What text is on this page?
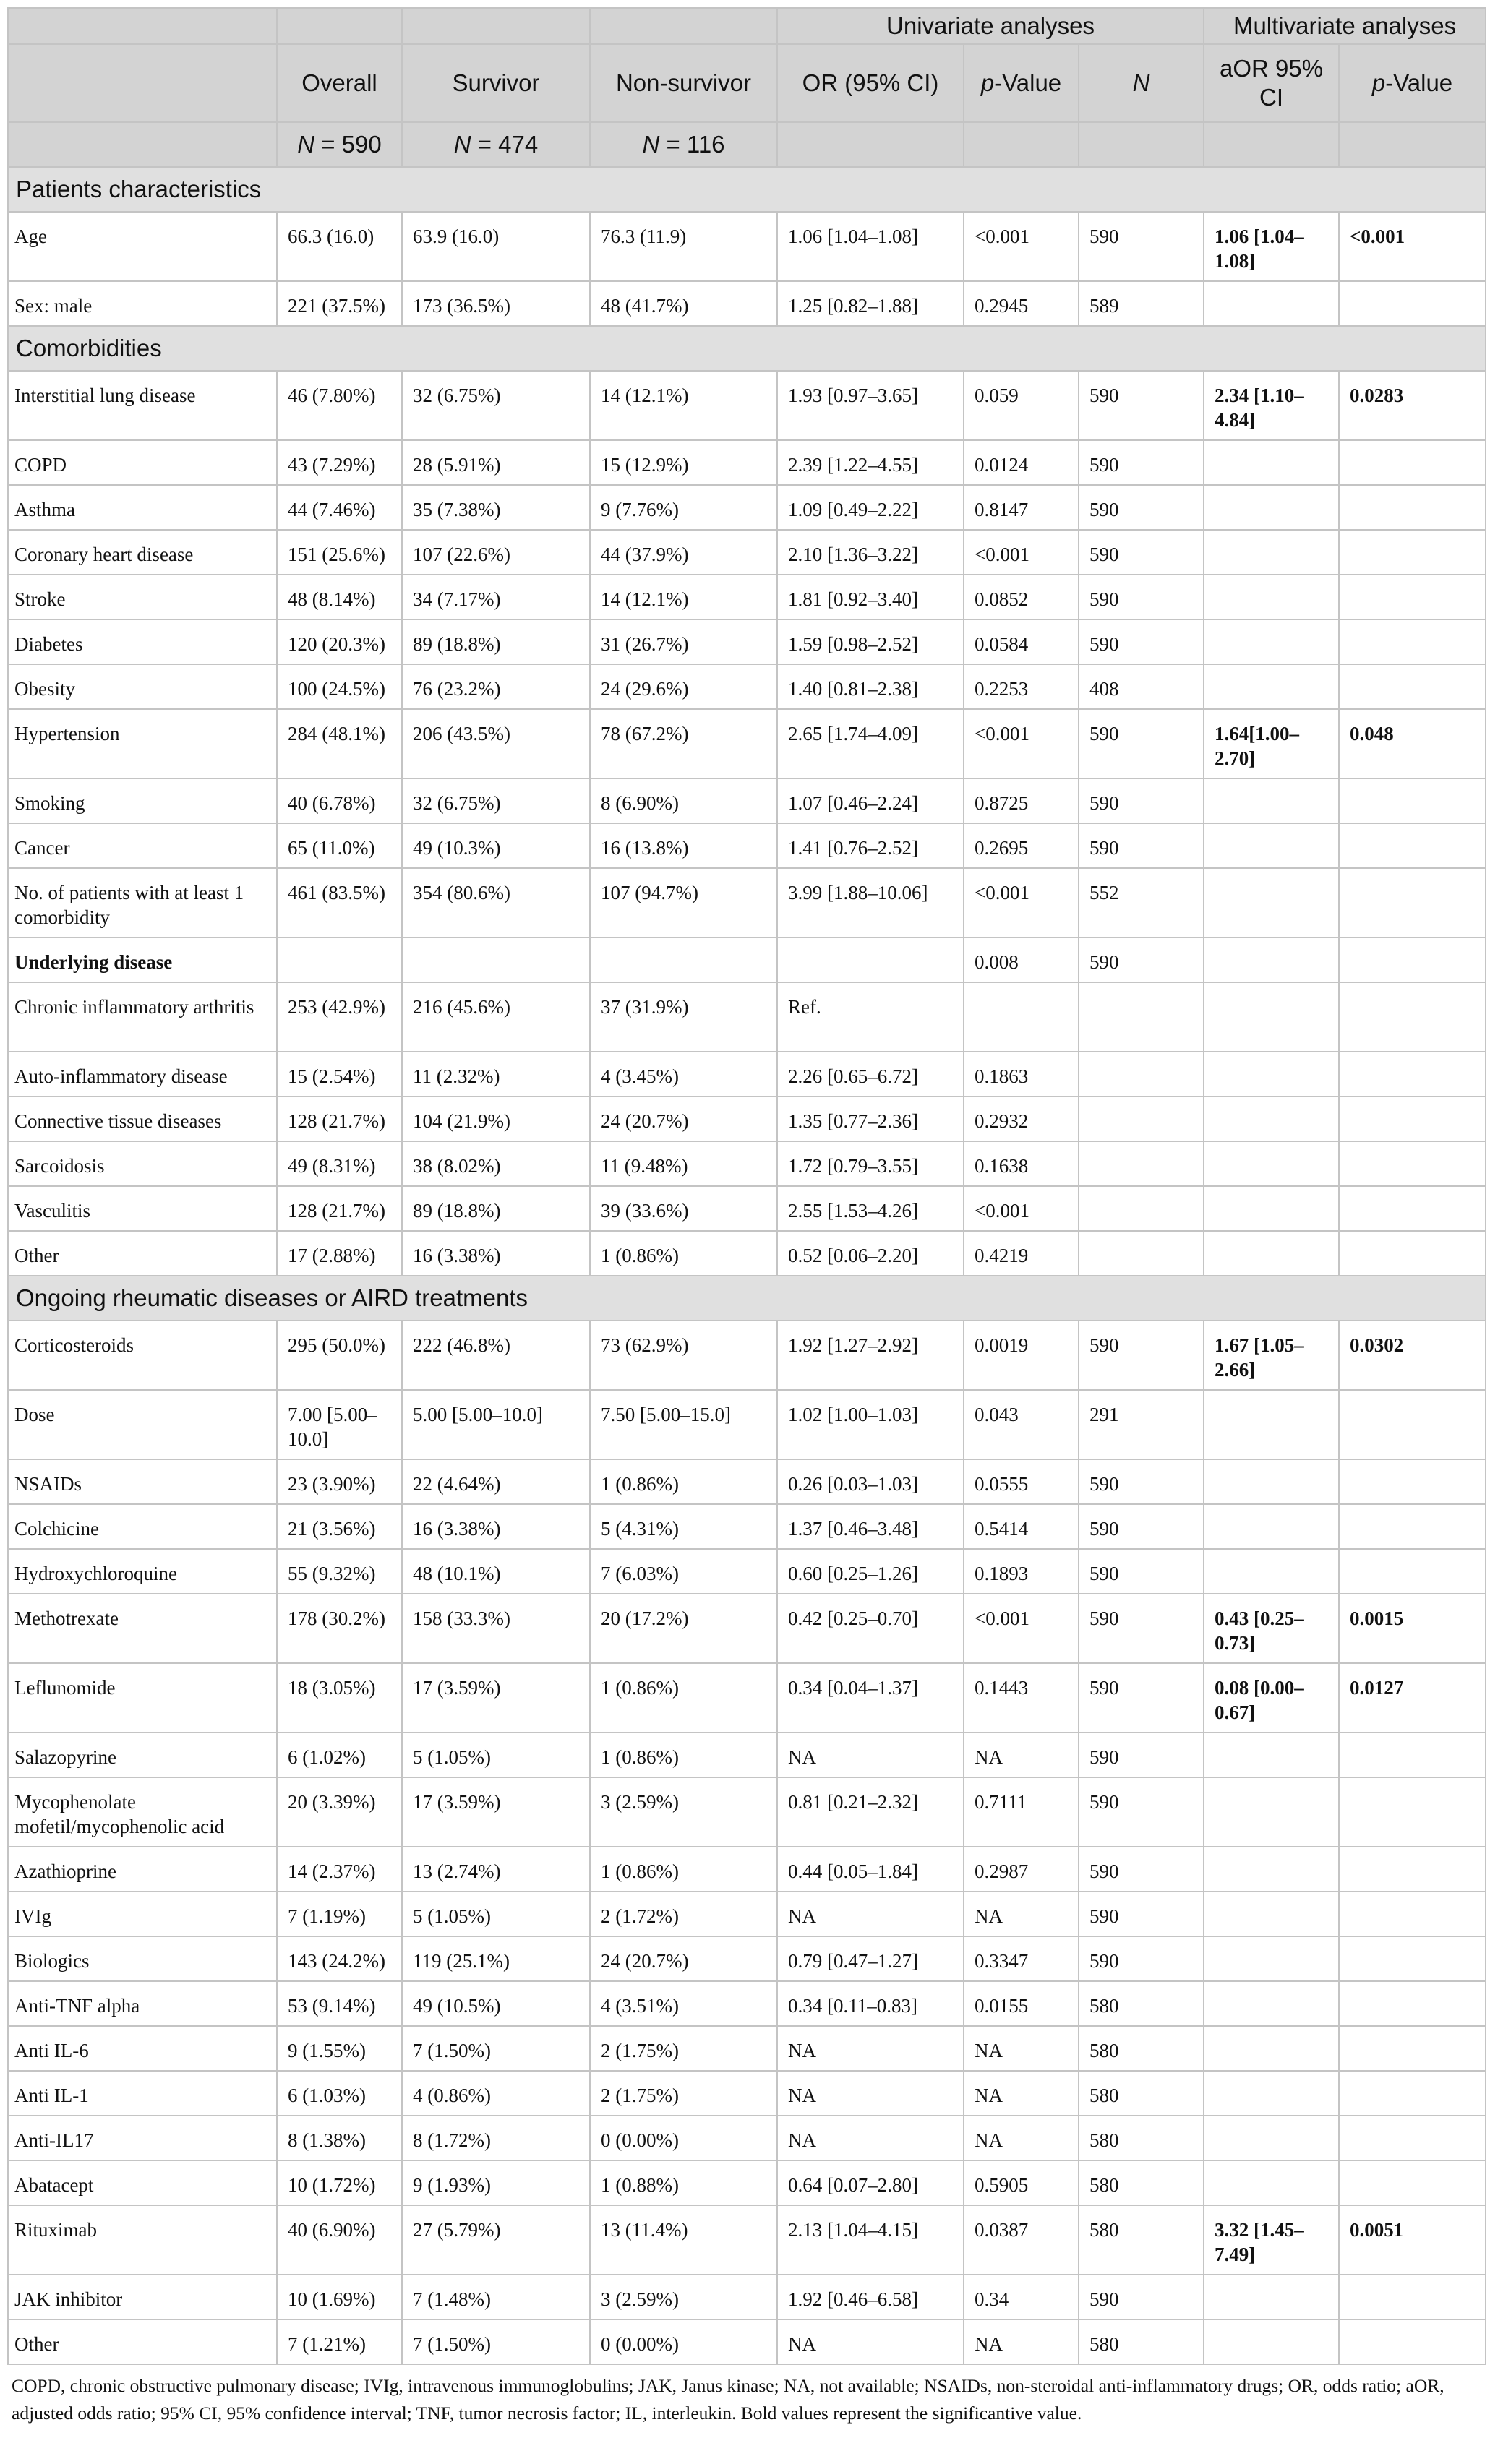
				Univariate analyses			Multivariate analyses	
	Overall	Survivor	Non-survivor	OR (95% CI)	p-Value	N	aOR 95% CI	p-Value
	N = 590	N = 474	N = 116					
Patients characteristics								
Age	66.3 (16.0)	63.9 (16.0)	76.3 (11.9)	1.06 [1.04–1.08]	<0.001	590	1.06 [1.04–1.08]	<0.001
Sex: male	221 (37.5%)	173 (36.5%)	48 (41.7%)	1.25 [0.82–1.88]	0.2945	589		
Comorbidities								
Interstitial lung disease	46 (7.80%)	32 (6.75%)	14 (12.1%)	1.93 [0.97–3.65]	0.059	590	2.34 [1.10–4.84]	0.0283
COPD	43 (7.29%)	28 (5.91%)	15 (12.9%)	2.39 [1.22–4.55]	0.0124	590		
Asthma	44 (7.46%)	35 (7.38%)	9 (7.76%)	1.09 [0.49–2.22]	0.8147	590		
Coronary heart disease	151 (25.6%)	107 (22.6%)	44 (37.9%)	2.10 [1.36–3.22]	<0.001	590		
Stroke	48 (8.14%)	34 (7.17%)	14 (12.1%)	1.81 [0.92–3.40]	0.0852	590		
Diabetes	120 (20.3%)	89 (18.8%)	31 (26.7%)	1.59 [0.98–2.52]	0.0584	590		
Obesity	100 (24.5%)	76 (23.2%)	24 (29.6%)	1.40 [0.81–2.38]	0.2253	408		
Hypertension	284 (48.1%)	206 (43.5%)	78 (67.2%)	2.65 [1.74–4.09]	<0.001	590	1.64[1.00–2.70]	0.048
Smoking	40 (6.78%)	32 (6.75%)	8 (6.90%)	1.07 [0.46–2.24]	0.8725	590		
Cancer	65 (11.0%)	49 (10.3%)	16 (13.8%)	1.41 [0.76–2.52]	0.2695	590		
No. of patients with at least 1 comorbidity	461 (83.5%)	354 (80.6%)	107 (94.7%)	3.99 [1.88–10.06]	<0.001	552		
Underlying disease					0.008	590		
Chronic inflammatory arthritis	253 (42.9%)	216 (45.6%)	37 (31.9%)	Ref.				
Auto-inflammatory disease	15 (2.54%)	11 (2.32%)	4 (3.45%)	2.26 [0.65–6.72]	0.1863			
Connective tissue diseases	128 (21.7%)	104 (21.9%)	24 (20.7%)	1.35 [0.77–2.36]	0.2932			
Sarcoidosis	49 (8.31%)	38 (8.02%)	11 (9.48%)	1.72 [0.79–3.55]	0.1638			
Vasculitis	128 (21.7%)	89 (18.8%)	39 (33.6%)	2.55 [1.53–4.26]	<0.001			
Other	17 (2.88%)	16 (3.38%)	1 (0.86%)	0.52 [0.06–2.20]	0.4219			
Ongoing rheumatic diseases or AIRD treatments								
Corticosteroids	295 (50.0%)	222 (46.8%)	73 (62.9%)	1.92 [1.27–2.92]	0.0019	590	1.67 [1.05–2.66]	0.0302
Dose	7.00 [5.00–10.0]	5.00 [5.00–10.0]	7.50 [5.00–15.0]	1.02 [1.00–1.03]	0.043	291		
NSAIDs	23 (3.90%)	22 (4.64%)	1 (0.86%)	0.26 [0.03–1.03]	0.0555	590		
Colchicine	21 (3.56%)	16 (3.38%)	5 (4.31%)	1.37 [0.46–3.48]	0.5414	590		
Hydroxychloroquine	55 (9.32%)	48 (10.1%)	7 (6.03%)	0.60 [0.25–1.26]	0.1893	590		
Methotrexate	178 (30.2%)	158 (33.3%)	20 (17.2%)	0.42 [0.25–0.70]	<0.001	590	0.43 [0.25–0.73]	0.0015
Leflunomide	18 (3.05%)	17 (3.59%)	1 (0.86%)	0.34 [0.04–1.37]	0.1443	590	0.08 [0.00–0.67]	0.0127
Salazopyrine	6 (1.02%)	5 (1.05%)	1 (0.86%)	NA	NA	590		
Mycophenolate mofetil/mycophenolic acid	20 (3.39%)	17 (3.59%)	3 (2.59%)	0.81 [0.21–2.32]	0.7111	590		
Azathioprine	14 (2.37%)	13 (2.74%)	1 (0.86%)	0.44 [0.05–1.84]	0.2987	590		
IVIg	7 (1.19%)	5 (1.05%)	2 (1.72%)	NA	NA	590		
Biologics	143 (24.2%)	119 (25.1%)	24 (20.7%)	0.79 [0.47–1.27]	0.3347	590		
Anti-TNF alpha	53 (9.14%)	49 (10.5%)	4 (3.51%)	0.34 [0.11–0.83]	0.0155	580		
Anti IL-6	9 (1.55%)	7 (1.50%)	2 (1.75%)	NA	NA	580		
Anti IL-1	6 (1.03%)	4 (0.86%)	2 (1.75%)	NA	NA	580		
Anti-IL17	8 (1.38%)	8 (1.72%)	0 (0.00%)	NA	NA	580		
Abatacept	10 (1.72%)	9 (1.93%)	1 (0.88%)	0.64 [0.07–2.80]	0.5905	580		
Rituximab	40 (6.90%)	27 (5.79%)	13 (11.4%)	2.13 [1.04–4.15]	0.0387	580	3.32 [1.45–7.49]	0.0051
JAK inhibitor	10 (1.69%)	7 (1.48%)	3 (2.59%)	1.92 [0.46–6.58]	0.34	590		
Other	7 (1.21%)	7 (1.50%)	0 (0.00%)	NA	NA	580		
COPD, chronic obstructive pulmonary disease; IVIg, intravenous immunoglobulins; JAK, Janus kinase; NA, not available; NSAIDs, non-steroidal anti-inflammatory drugs; OR, odds ratio; aOR, adjusted odds ratio; 95% CI, 95% confidence interval; TNF, tumor necrosis factor; IL, interleukin. Bold values represent the significantive value.
